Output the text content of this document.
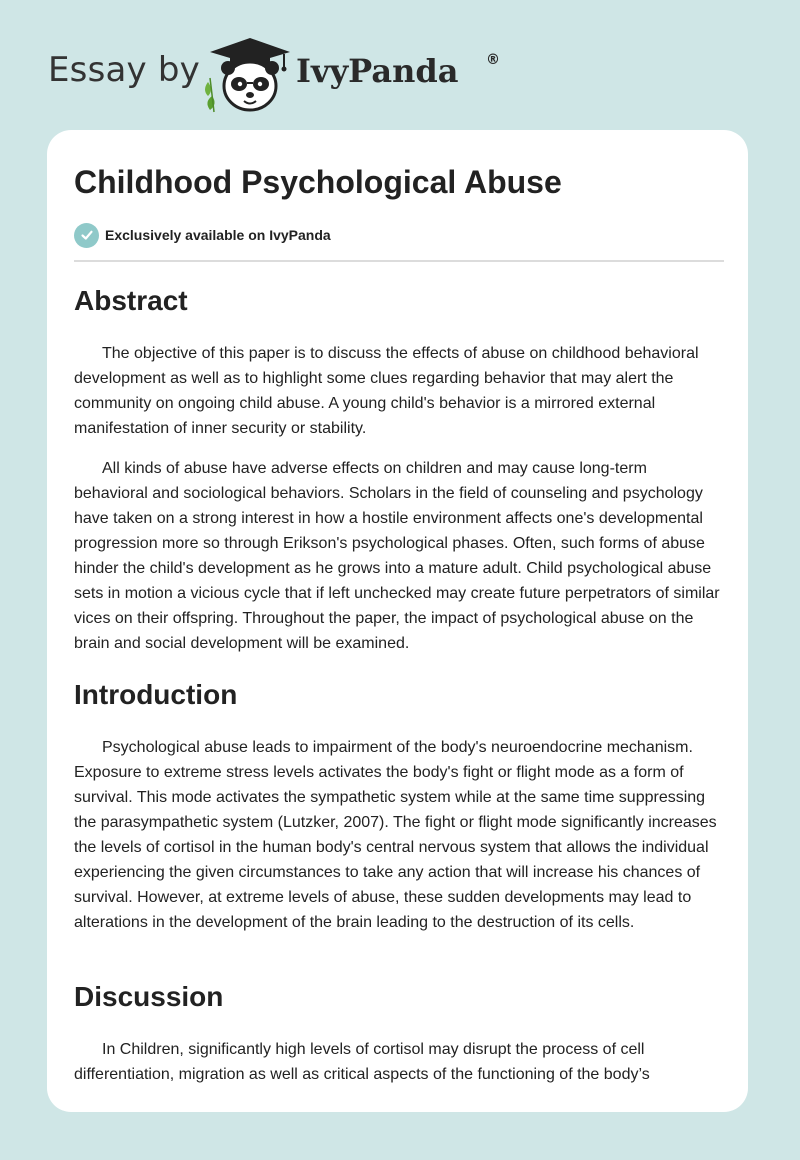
Essay by	IvyPanda ®
Childhood Psychological Abuse
Exclusively available on IvyPanda
Abstract

The objective of this paper is to discuss the effects of abuse on childhood behavioral development as well as to highlight some clues regarding behavior that may alert the community on ongoing child abuse. A young child's behavior is a mirrored external manifestation of inner security or stability.

All kinds of abuse have adverse effects on children and may cause long-term behavioral and sociological behaviors. Scholars in the field of counseling and psychology have taken on a strong interest in how a hostile environment affects one's developmental progression more so through Erikson's psychological phases. Often, such forms of abuse hinder the child's development as he grows into a mature adult. Child psychological abuse sets in motion a vicious cycle that if left unchecked may create future perpetrators of similar vices on their offspring. Throughout the paper, the impact of psychological abuse on the brain and social development will be examined.

Introduction

Psychological abuse leads to impairment of the body's neuroendocrine mechanism. Exposure to extreme stress levels activates the body's fight or flight mode as a form of survival. This mode activates the sympathetic system while at the same time suppressing the parasympathetic system (Lutzker, 2007). The fight or flight mode significantly increases the levels of cortisol in the human body's central nervous system that allows the individual experiencing the given circumstances to take any action that will increase his chances of survival. However, at extreme levels of abuse, these sudden developments may lead to alterations in the development of the brain leading to the destruction of its cells.

Discussion

In Children, significantly high levels of cortisol may disrupt the process of cell differentiation, migration as well as critical aspects of the functioning of the body’s
